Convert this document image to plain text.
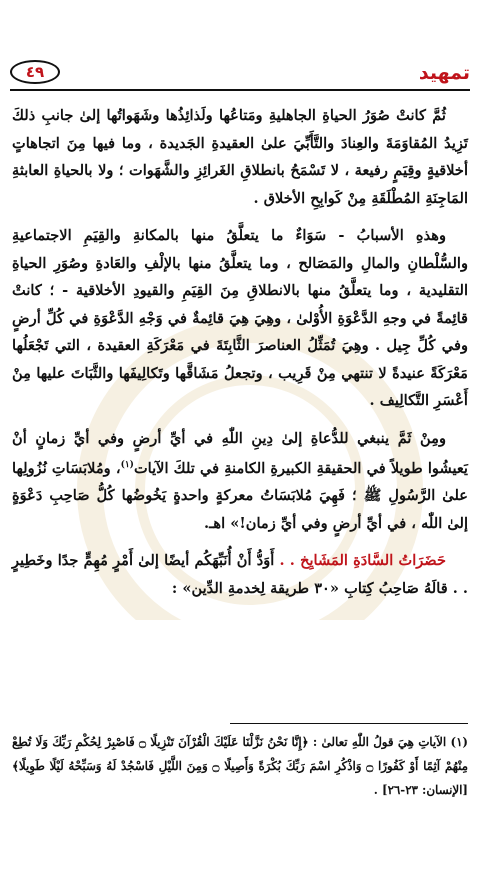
٤٩	تمهيد

ثُمَّ كانتْ صُوَرُ الحياةِ الجاهليةِ ومَتاعُها ولَذائِذُها وشَهَواتُها إلىٰ جانبِ ذلكَ تَزِيدُ المُقاوَمَةَ والعِنادَ والتَّأَبِّيَ علىٰ العقيدةِ الجَديدة ، وما فيها مِنَ اتجاهاتٍ أخلاقيةٍ وقِيَمٍ رفيعة ، لا تَسْمَحُ بانطلاقِ الغَرائِزِ والشَّهَوات ؛ ولا بالحياةِ العابثةِ المَاجِنَةِ المُطْلَقَةِ مِنْ كَوابِحِ الأخلاق .

وهذهِ الأسبابُ - سَوَاءٌ ما يتعلَّقُ منها بالمكانةِ والقِيَمِ الاجتماعيةِ والسُّلْطانِ والمالِ والمَصَالح ، وما يتعلَّقُ منها بالإلْفِ والعَادةِ وصُوَرِ الحياةِ التقليدية ، وما يتعلَّقُ منها بالانطلاقِ مِنَ القِيَمِ والقيودِ الأخلاقية - ؛ كانتْ قائِمةً في وجهِ الدَّعْوَةِ الأُوْلىٰ ، وهِيَ هِيَ قائِمةٌ في وَجْهِ الدَّعْوَةِ في كُلِّ أرضٍ وفي كُلِّ جِيل . وهِيَ تُمَثِّلُ العناصرَ الثَّابِتَةَ في مَعْرَكَةِ العقيدة ، التي تَجْعَلُها مَعْرَكَةً عنيدةً لا تنتهي مِنْ قَرِيب ، وتجعلُ مَشَاقَّها وتَكالِيفَها والثَّبَاتَ عليها مِنْ أَعْسَرِ التَّكالِيف .

ومِنْ ثَمَّ ينبغي للدُّعاةِ إلىٰ دِينِ اللّٰهِ في أيِّ أرضٍ وفي أيِّ زمانٍ أنْ يَعيشُوا طويلاً في الحقيقةِ الكبيرةِ الكامنةِ في تلكَ الآيات$^{(١)}$، ومُلابَسَاتِ نُزُولِها علىٰ الرَّسُولِ ﷺ ؛ فَهِيَ مُلابَسَاتُ معركةٍ واحدةٍ يَخُوضُها كُلُّ صَاحِبِ دَعْوَةٍ إلىٰ اللّٰه ، في أيِّ أرضٍ وفي أيِّ زمان!» اهـ.

حَضَرَاتُ السَّادَةِ المَشَايِخ . . أَوَدُّ أَنْ أُنَبِّهَكُم أيضًا إلىٰ أَمْرٍ مُهِمٍّ جدًا وخَطِيرٍ . . قالَهُ صَاحِبُ كِتابِ «٣٠ طريقة لِخدمةِ الدِّين» :

(١) الآياتِ هِيَ قولُ اللّٰهِ تعالىٰ : ﴿إِنَّا نَحْنُ نَزَّلْنَا عَلَيْكَ الْقُرْآنَ تَنْزِيلًا ۝ فَاصْبِرْ لِحُكْمِ رَبِّكَ وَلَا تُطِعْ مِنْهُمْ آثِمًا أَوْ كَفُورًا ۝ وَاذْكُرِ اسْمَ رَبِّكَ بُكْرَةً وَأَصِيلًا ۝ وَمِنَ اللَّيْلِ فَاسْجُدْ لَهُ وَسَبِّحْهُ لَيْلًا طَوِيلًا﴾ [الإنسان: ٢٣-٢٦] .
